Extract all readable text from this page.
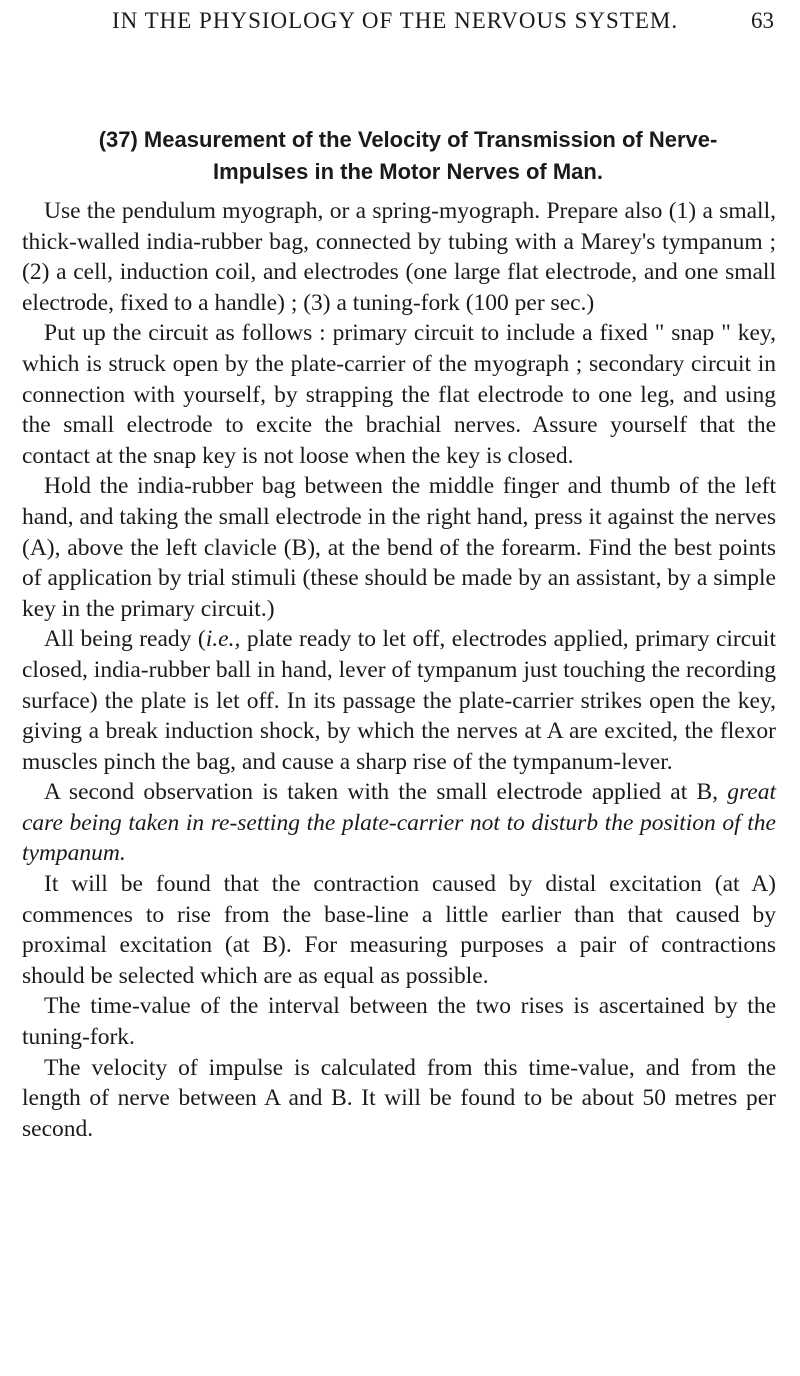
IN THE PHYSIOLOGY OF THE NERVOUS SYSTEM.	63
(37) Measurement of the Velocity of Transmission of Nerve-
Impulses in the Motor Nerves of Man.

Use the pendulum myograph, or a spring-myograph. Prepare also (1) a small, thick-walled india-rubber bag, connected by tubing with a Marey's tympanum ; (2) a cell, induction coil, and electrodes (one large flat electrode, and one small electrode, fixed to a handle) ; (3) a tuning-fork (100 per sec.)

Put up the circuit as follows : primary circuit to include a fixed " snap " key, which is struck open by the plate-carrier of the myograph ; secondary circuit in connection with yourself, by strapping the flat electrode to one leg, and using the small electrode to excite the brachial nerves. Assure yourself that the contact at the snap key is not loose when the key is closed.

Hold the india-rubber bag between the middle finger and thumb of the left hand, and taking the small electrode in the right hand, press it against the nerves (A), above the left clavicle (B), at the bend of the forearm. Find the best points of application by trial stimuli (these should be made by an assistant, by a simple key in the primary circuit.)

All being ready (i.e., plate ready to let off, electrodes applied, primary circuit closed, india-rubber ball in hand, lever of tympanum just touching the recording surface) the plate is let off. In its passage the plate-carrier strikes open the key, giving a break induction shock, by which the nerves at A are excited, the flexor muscles pinch the bag, and cause a sharp rise of the tympanum-lever.

A second observation is taken with the small electrode applied at B, great care being taken in re-setting the plate-carrier not to disturb the position of the tympanum.

It will be found that the contraction caused by distal excitation (at A) commences to rise from the base-line a little earlier than that caused by proximal excitation (at B). For measuring purposes a pair of contractions should be selected which are as equal as possible.

The time-value of the interval between the two rises is ascertained by the tuning-fork.

The velocity of impulse is calculated from this time-value, and from the length of nerve between A and B. It will be found to be about 50 metres per second.
